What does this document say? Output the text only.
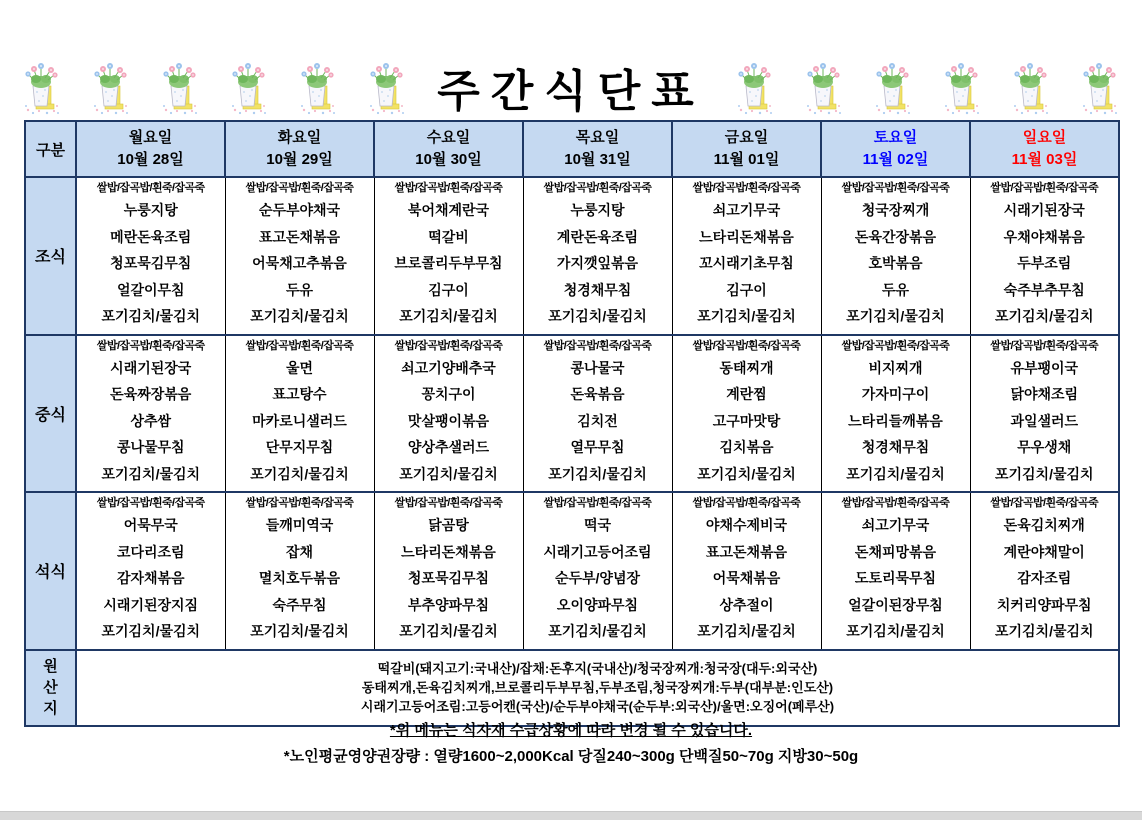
주간식단표
구분	
월요일
10월 28일

화요일
10월 29일

수요일
10월 30일

목요일
10월 31일

금요일
11월 01일

토요일
11월 02일

일요일
11월 03일

조식	
쌀밥/잡곡밥/흰죽/잡곡죽
누룽지탕
메란돈육조림
청포묵김무침
얼갈이무침
포기김치/물김치

쌀밥/잡곡밥/흰죽/잡곡죽
순두부야채국
표고돈채볶음
어묵채고추볶음
두유
포기김치/물김치

쌀밥/잡곡밥/흰죽/잡곡죽
북어채계란국
떡갈비
브로콜리두부무침
김구이
포기김치/물김치

쌀밥/잡곡밥/흰죽/잡곡죽
누룽지탕
계란돈육조림
가지깻잎볶음
청경채무침
포기김치/물김치

쌀밥/잡곡밥/흰죽/잡곡죽
쇠고기무국
느타리돈채볶음
꼬시래기초무침
김구이
포기김치/물김치

쌀밥/잡곡밥/흰죽/잡곡죽
청국장찌개
돈육간장볶음
호박볶음
두유
포기김치/물김치

쌀밥/잡곡밥/흰죽/잡곡죽
시래기된장국
우채야채볶음
두부조림
숙주부추무침
포기김치/물김치

중식	
쌀밥/잡곡밥/흰죽/잡곡죽
시래기된장국
돈육짜장볶음
상추쌈
콩나물무침
포기김치/물김치

쌀밥/잡곡밥/흰죽/잡곡죽
울면
표고탕수
마카로니샐러드
단무지무침
포기김치/물김치

쌀밥/잡곡밥/흰죽/잡곡죽
쇠고기양배추국
꽁치구이
맛살팽이볶음
양상추샐러드
포기김치/물김치

쌀밥/잡곡밥/흰죽/잡곡죽
콩나물국
돈육볶음
김치전
열무무침
포기김치/물김치

쌀밥/잡곡밥/흰죽/잡곡죽
동태찌개
계란찜
고구마맛탕
김치볶음
포기김치/물김치

쌀밥/잡곡밥/흰죽/잡곡죽
비지찌개
가자미구이
느타리들깨볶음
청경채무침
포기김치/물김치

쌀밥/잡곡밥/흰죽/잡곡죽
유부팽이국
닭야채조림
과일샐러드
무우생채
포기김치/물김치

석식	
쌀밥/잡곡밥/흰죽/잡곡죽
어묵무국
코다리조림
감자채볶음
시래기된장지짐
포기김치/물김치

쌀밥/잡곡밥/흰죽/잡곡죽
들깨미역국
잡채
멸치호두볶음
숙주무침
포기김치/물김치

쌀밥/잡곡밥/흰죽/잡곡죽
닭곰탕
느타리돈채볶음
청포묵김무침
부추양파무침
포기김치/물김치

쌀밥/잡곡밥/흰죽/잡곡죽
떡국
시래기고등어조림
순두부/양념장
오이양파무침
포기김치/물김치

쌀밥/잡곡밥/흰죽/잡곡죽
야채수제비국
표고돈채볶음
어묵채볶음
상추절이
포기김치/물김치

쌀밥/잡곡밥/흰죽/잡곡죽
쇠고기무국
돈채피망볶음
도토리묵무침
얼갈이된장무침
포기김치/물김치

쌀밥/잡곡밥/흰죽/잡곡죽
돈육김치찌개
계란야채말이
감자조림
치커리양파무침
포기김치/물김치

원
산
지

떡갈비(돼지고기:국내산)/잡채:돈후지(국내산)/청국장찌개:청국장(대두:외국산)
동태찌개,돈육김치찌개,브로콜리두부무침,두부조림,청국장찌개:두부(대부분:인도산)
시래기고등어조림:고등어캔(국산)/순두부야채국(순두부:외국산)/울면:오징어(페루산)
*위 메뉴는 식자재 수급상황에 따라 변경 될 수 있습니다.
*노인평균영양권장량 : 열량1600~2,000Kcal 당질240~300g 단백질50~70g 지방30~50g
